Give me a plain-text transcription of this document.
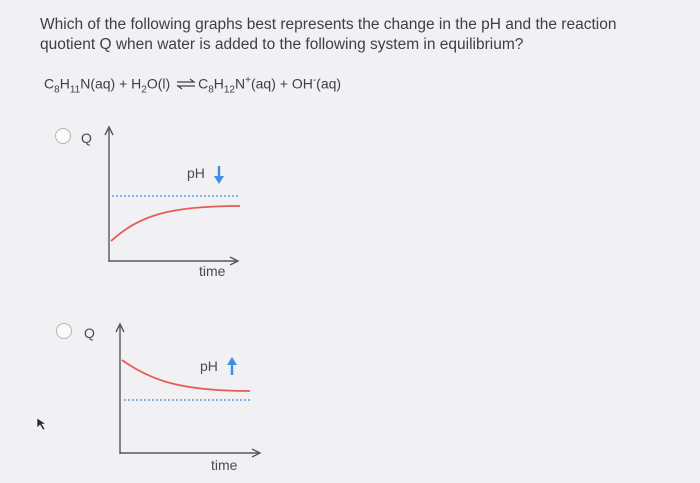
Which of the following graphs best represents the change in the pH and the reaction quotient Q when water is added to the following system in equilibrium?
$C_8H_{11}N(aq) + H_2O(l)$ ⇌ $C_8H_{12}N^+(aq) + OH^-(aq)$
Q
pH
time
Q
pH
time
